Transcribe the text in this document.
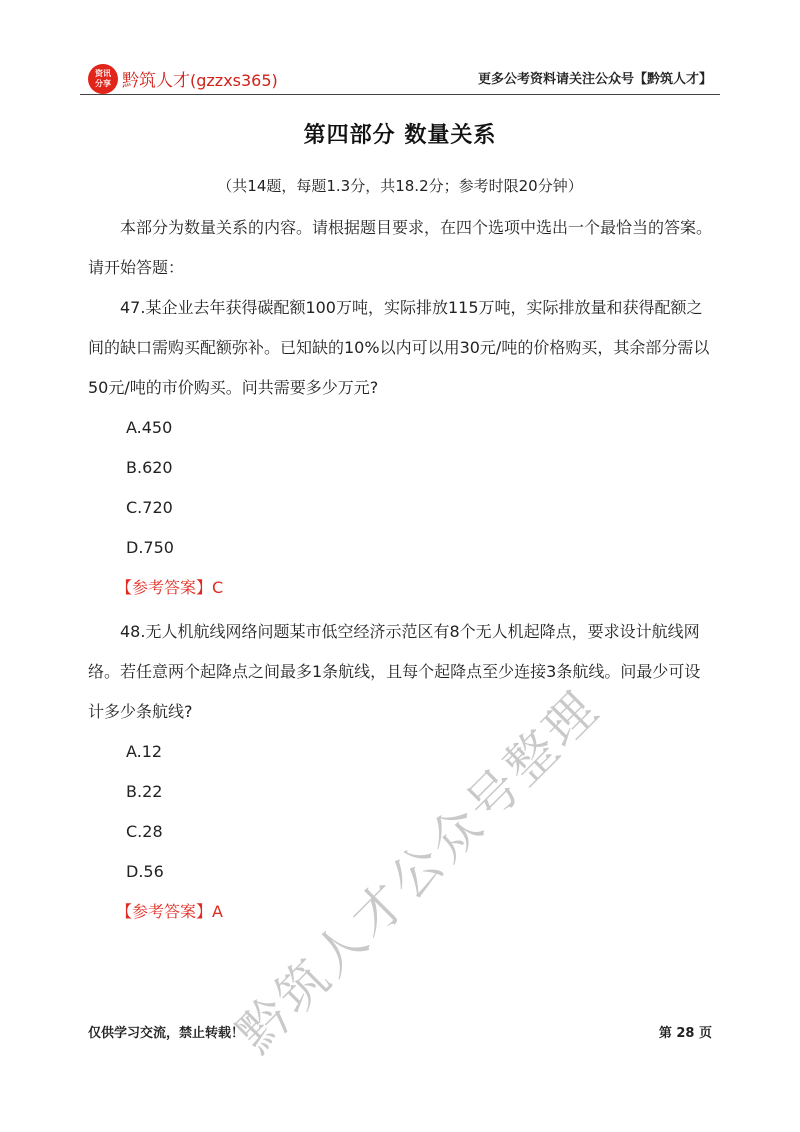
资讯
分享 黔筑人才(gzzxs365)	更多公考资料请关注公众号【黔筑人才】
第四部分 数量关系
（共14题，每题1.3分，共18.2分；参考时限20分钟）

本部分为数量关系的内容。请根据题目要求，在四个选项中选出一个最恰当的答案。请开始答题：

47.某企业去年获得碳配额100万吨，实际排放115万吨，实际排放量和获得配额之间的缺口需购买配额弥补。已知缺的10%以内可以用30元/吨的价格购买，其余部分需以50元/吨的市价购买。问共需要多少万元?

A.450

B.620

C.720

D.750

【参考答案】C

48.无人机航线网络问题某市低空经济示范区有8个无人机起降点，要求设计航线网络。若任意两个起降点之间最多1条航线，且每个起降点至少连接3条航线。问最少可设计多少条航线?

A.12

B.22

C.28

D.56

【参考答案】A 黔筑人才公众号整理
仅供学习交流，禁止转载！	第 28 页
